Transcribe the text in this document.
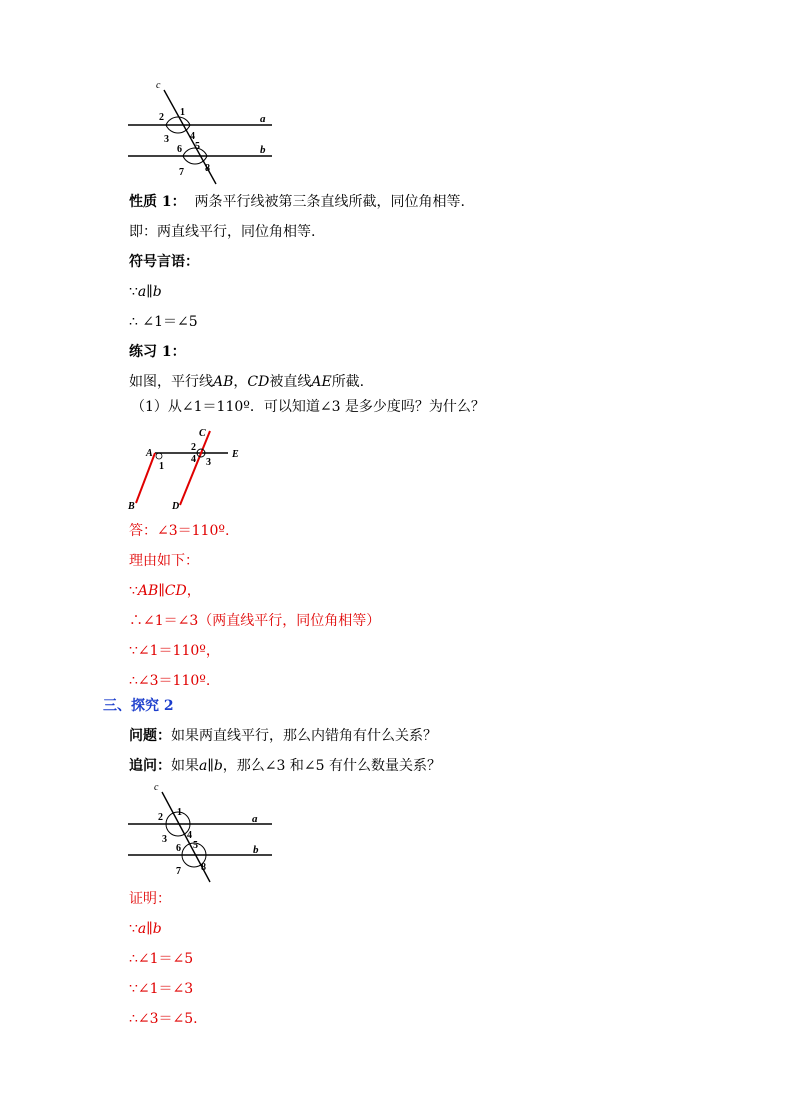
c
a
b
1
2
3 4
5
6
7 8
性质 1： 两条平行线被第三条直线所截，同位角相等.
即：两直线平行，同位角相等.
符号言语：
∵a∥b
∴ ∠1＝∠5
练习 1：
如图，平行线AB，CD被直线AE所截.
（1）从∠1＝110º．可以知道∠3 是多少度吗？为什么？
C
A	E
B	D
1
2
3
4
答：∠3＝110º.
理由如下：
∵AB∥CD，
∴∠1＝∠3（两直线平行，同位角相等）
∵∠1＝110º，
∴∠3＝110º.
三、探究 2
问题：如果两直线平行，那么内错角有什么关系？
追问：如果a∥b，那么∠3 和∠5 有什么数量关系？
c
a
b
1
2
3 4
5
6
7 8
证明：
∵a∥b
∴∠1＝∠5
∵∠1＝∠3
∴∠3＝∠5.
